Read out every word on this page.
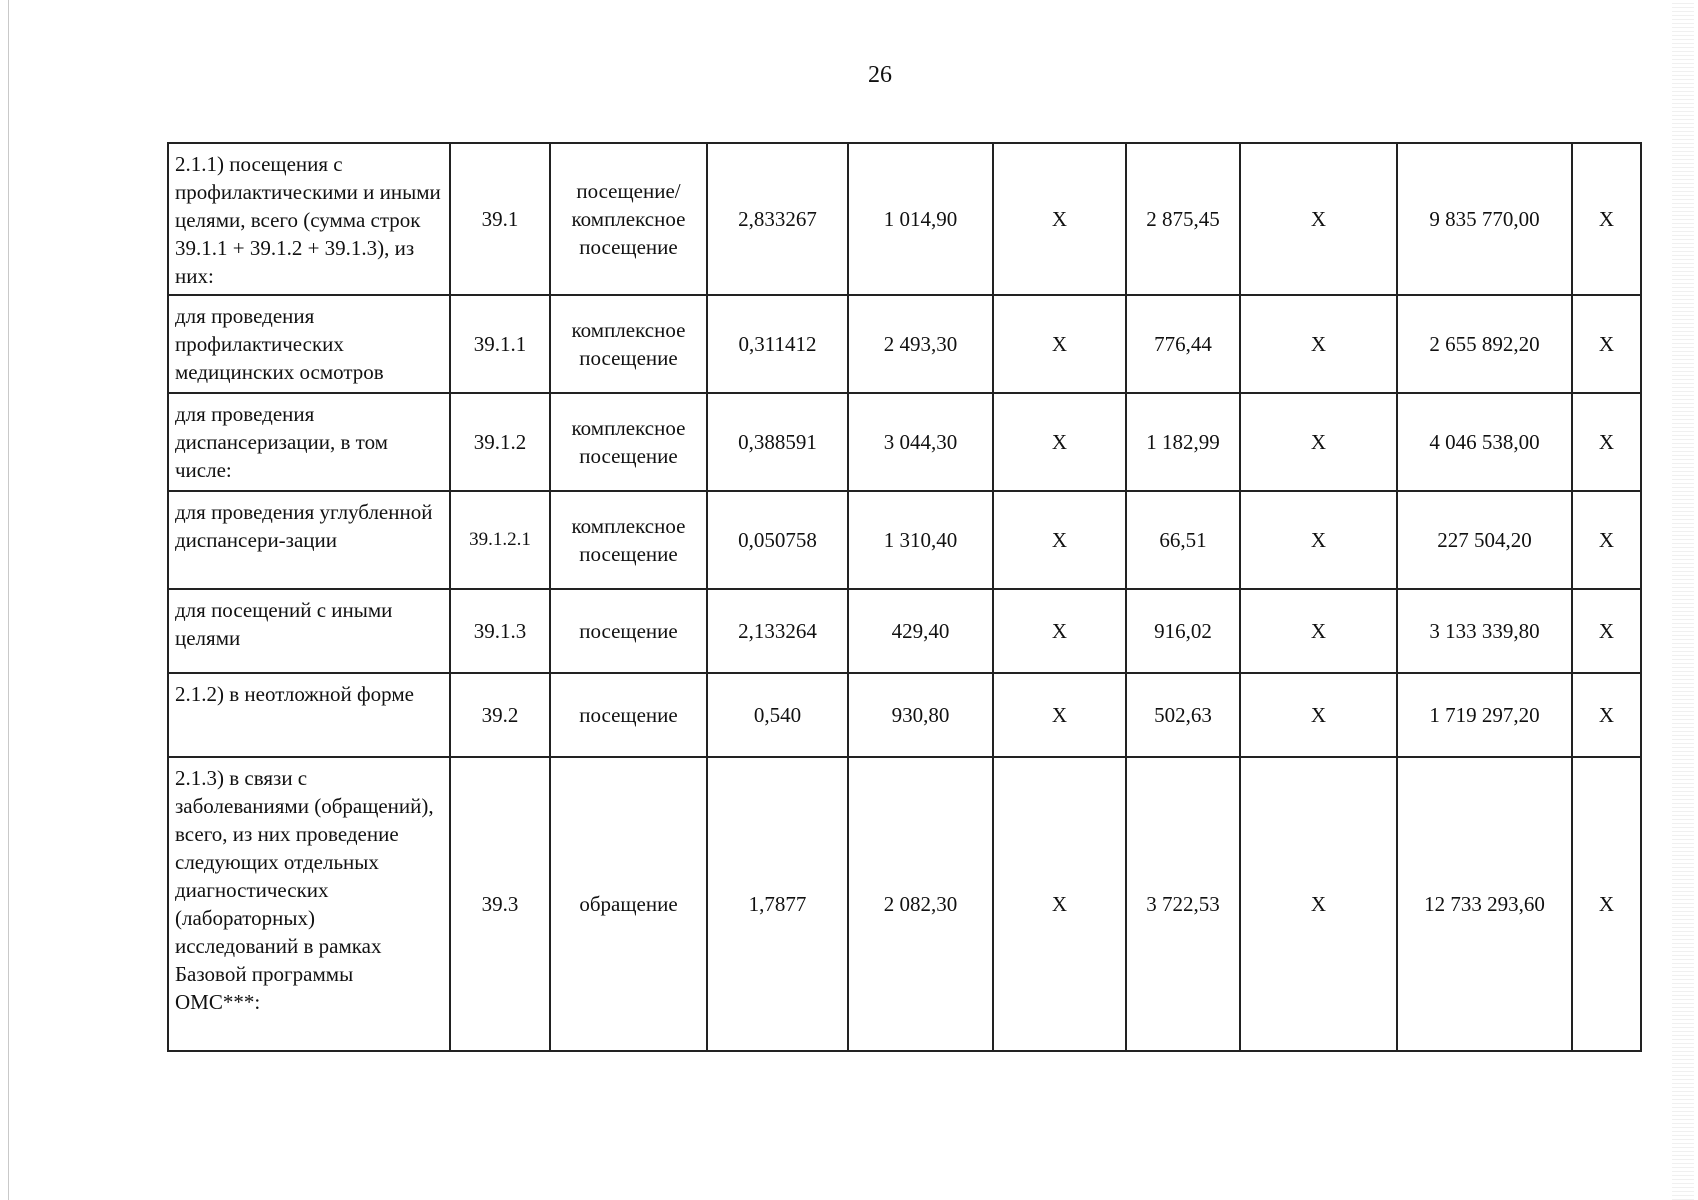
26
2.1.1) посещения с профилактическими и иными целями, всего (сумма строк 39.1.1 + 39.1.2 + 39.1.3), из них:	39.1	посещение/ комплексное посещение	2,833267	1 014,90	X	2 875,45	X	9 835 770,00	X
для проведения профилактических медицинских осмотров	39.1.1	комплексное посещение	0,311412	2 493,30	X	776,44	X	2 655 892,20	X
для проведения диспансеризации, в том числе:	39.1.2	комплексное посещение	0,388591	3 044,30	X	1 182,99	X	4 046 538,00	X
для проведения углубленной диспансери-зации	39.1.2.1	комплексное посещение	0,050758	1 310,40	X	66,51	X	227 504,20	X
для посещений с иными целями	39.1.3	посещение	2,133264	429,40	X	916,02	X	3 133 339,80	X
2.1.2) в неотложной форме	39.2	посещение	0,540	930,80	X	502,63	X	1 719 297,20	X
2.1.3) в связи с заболеваниями (обращений), всего, из них проведение следующих отдельных диагностических (лабораторных) исследований в рамках Базовой программы ОМС***:	39.3	обращение	1,7877	2 082,30	X	3 722,53	X	12 733 293,60	X
